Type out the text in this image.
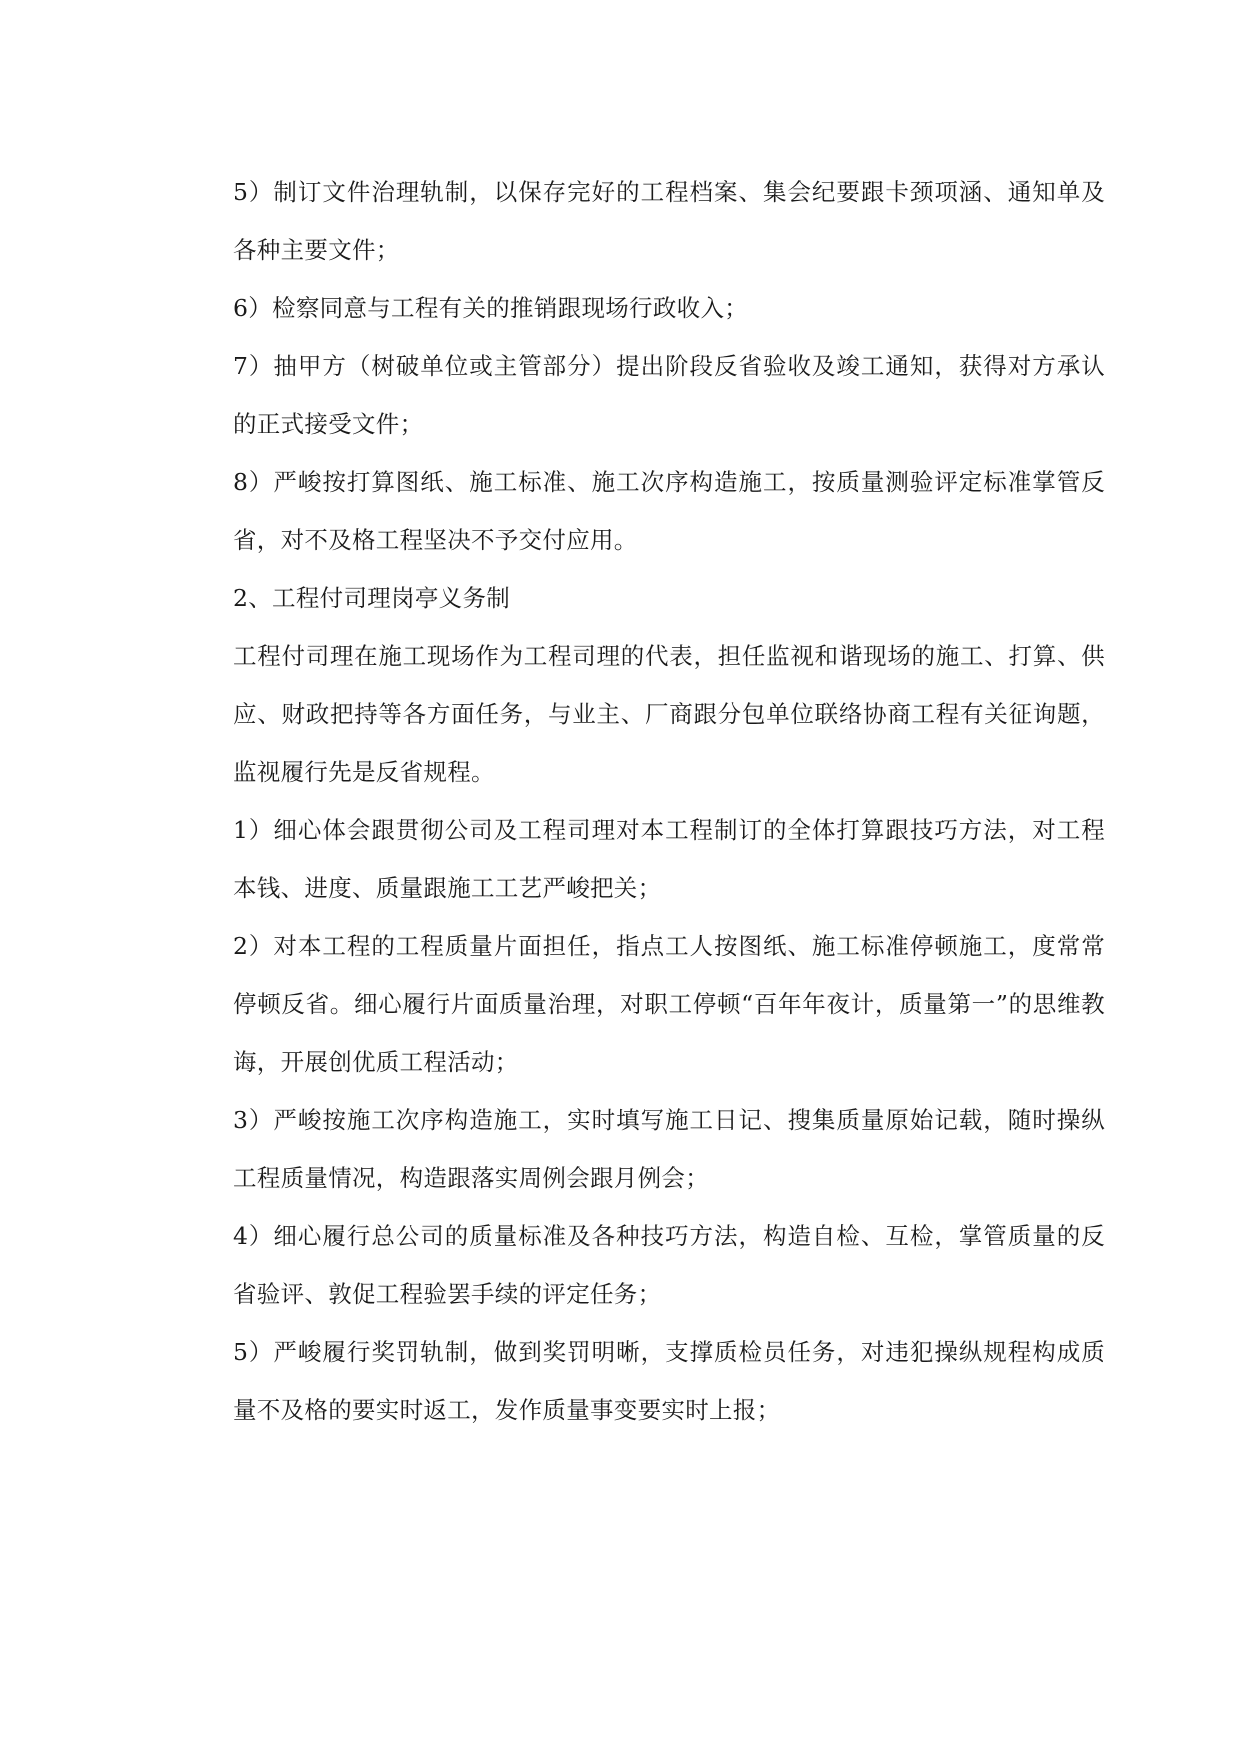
5）制订文件治理轨制，以保存完好的工程档案、集会纪要跟卡颈项涵、通知单及各种主要文件；

6）检察同意与工程有关的推销跟现场行政收入；

7）抽甲方（树破单位或主管部分）提出阶段反省验收及竣工通知，获得对方承认的正式接受文件；

8）严峻按打算图纸、施工标准、施工次序构造施工，按质量测验评定标准掌管反省，对不及格工程坚决不予交付应用。

2、工程付司理岗亭义务制

工程付司理在施工现场作为工程司理的代表，担任监视和谐现场的施工、打算、供应、财政把持等各方面任务，与业主、厂商跟分包单位联络协商工程有关征询题，监视履行先是反省规程。

1）细心体会跟贯彻公司及工程司理对本工程制订的全体打算跟技巧方法，对工程本钱、进度、质量跟施工工艺严峻把关；

2）对本工程的工程质量片面担任，指点工人按图纸、施工标准停顿施工，度常常停顿反省。细心履行片面质量治理，对职工停顿“百年年夜计，质量第一”的思维教诲，开展创优质工程活动；

3）严峻按施工次序构造施工，实时填写施工日记、搜集质量原始记载，随时操纵工程质量情况，构造跟落实周例会跟月例会；

4）细心履行总公司的质量标准及各种技巧方法，构造自检、互检，掌管质量的反省验评、敦促工程验罢手续的评定任务；

5）严峻履行奖罚轨制，做到奖罚明晰，支撑质检员任务，对违犯操纵规程构成质量不及格的要实时返工，发作质量事变要实时上报；
